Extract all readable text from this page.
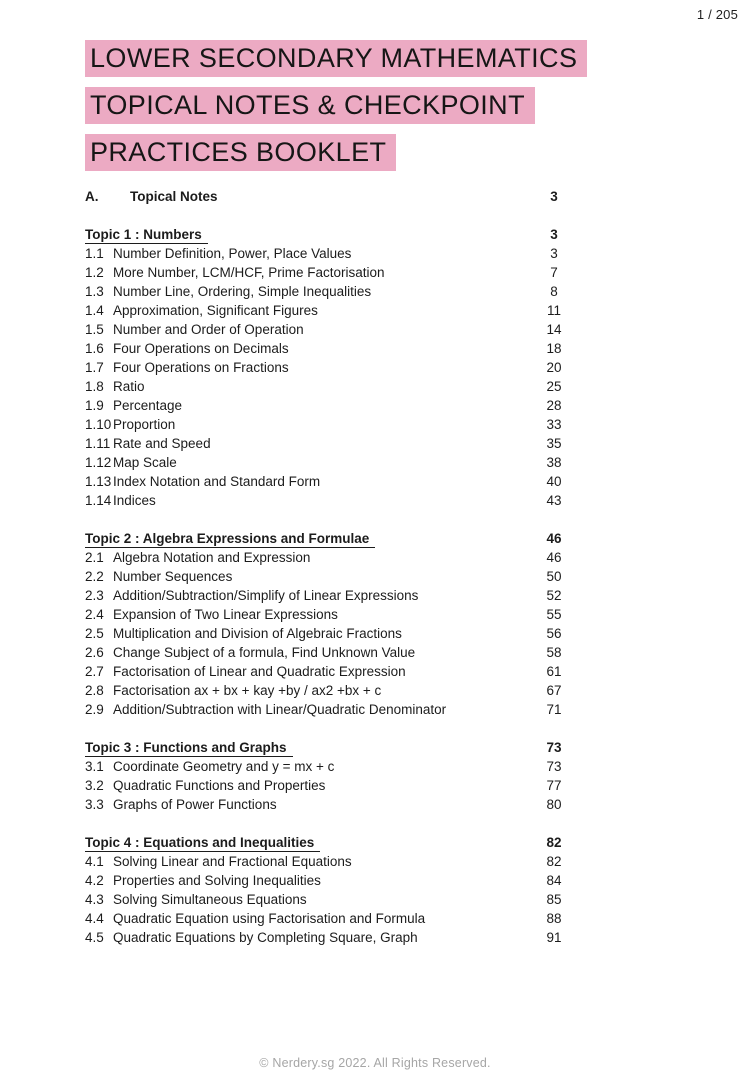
1 / 205
LOWER SECONDARY MATHEMATICS
TOPICAL NOTES & CHECKPOINT
PRACTICES BOOKLET
A.	Topical Notes	3
Topic 1 : Numbers	3
1.1 Number Definition, Power, Place Values	3
1.2 More Number, LCM/HCF, Prime Factorisation	7
1.3 Number Line, Ordering, Simple Inequalities	8
1.4 Approximation, Significant Figures	11
1.5 Number and Order of Operation	14
1.6 Four Operations on Decimals	18
1.7 Four Operations on Fractions	20
1.8 Ratio	25
1.9 Percentage	28
1.10 Proportion	33
1.11 Rate and Speed	35
1.12 Map Scale	38
1.13 Index Notation and Standard Form	40
1.14 Indices	43
Topic 2 : Algebra Expressions and Formulae	46
2.1 Algebra Notation and Expression	46
2.2 Number Sequences	50
2.3 Addition/Subtraction/Simplify of Linear Expressions	52
2.4 Expansion of Two Linear Expressions	55
2.5 Multiplication and Division of Algebraic Fractions	56
2.6 Change Subject of a formula, Find Unknown Value	58
2.7 Factorisation of Linear and Quadratic Expression	61
2.8 Factorisation ax + bx + kay +by / ax2 +bx + c	67
2.9 Addition/Subtraction with Linear/Quadratic Denominator	71
Topic 3 : Functions and Graphs	73
3.1 Coordinate Geometry and y = mx + c	73
3.2 Quadratic Functions and Properties	77
3.3 Graphs of Power Functions	80
Topic 4 : Equations and Inequalities	82
4.1 Solving Linear and Fractional Equations	82
4.2 Properties and Solving Inequalities	84
4.3 Solving Simultaneous Equations	85
4.4 Quadratic Equation using Factorisation and Formula	88
4.5 Quadratic Equations by Completing Square, Graph	91
© Nerdery.sg 2022. All Rights Reserved.
